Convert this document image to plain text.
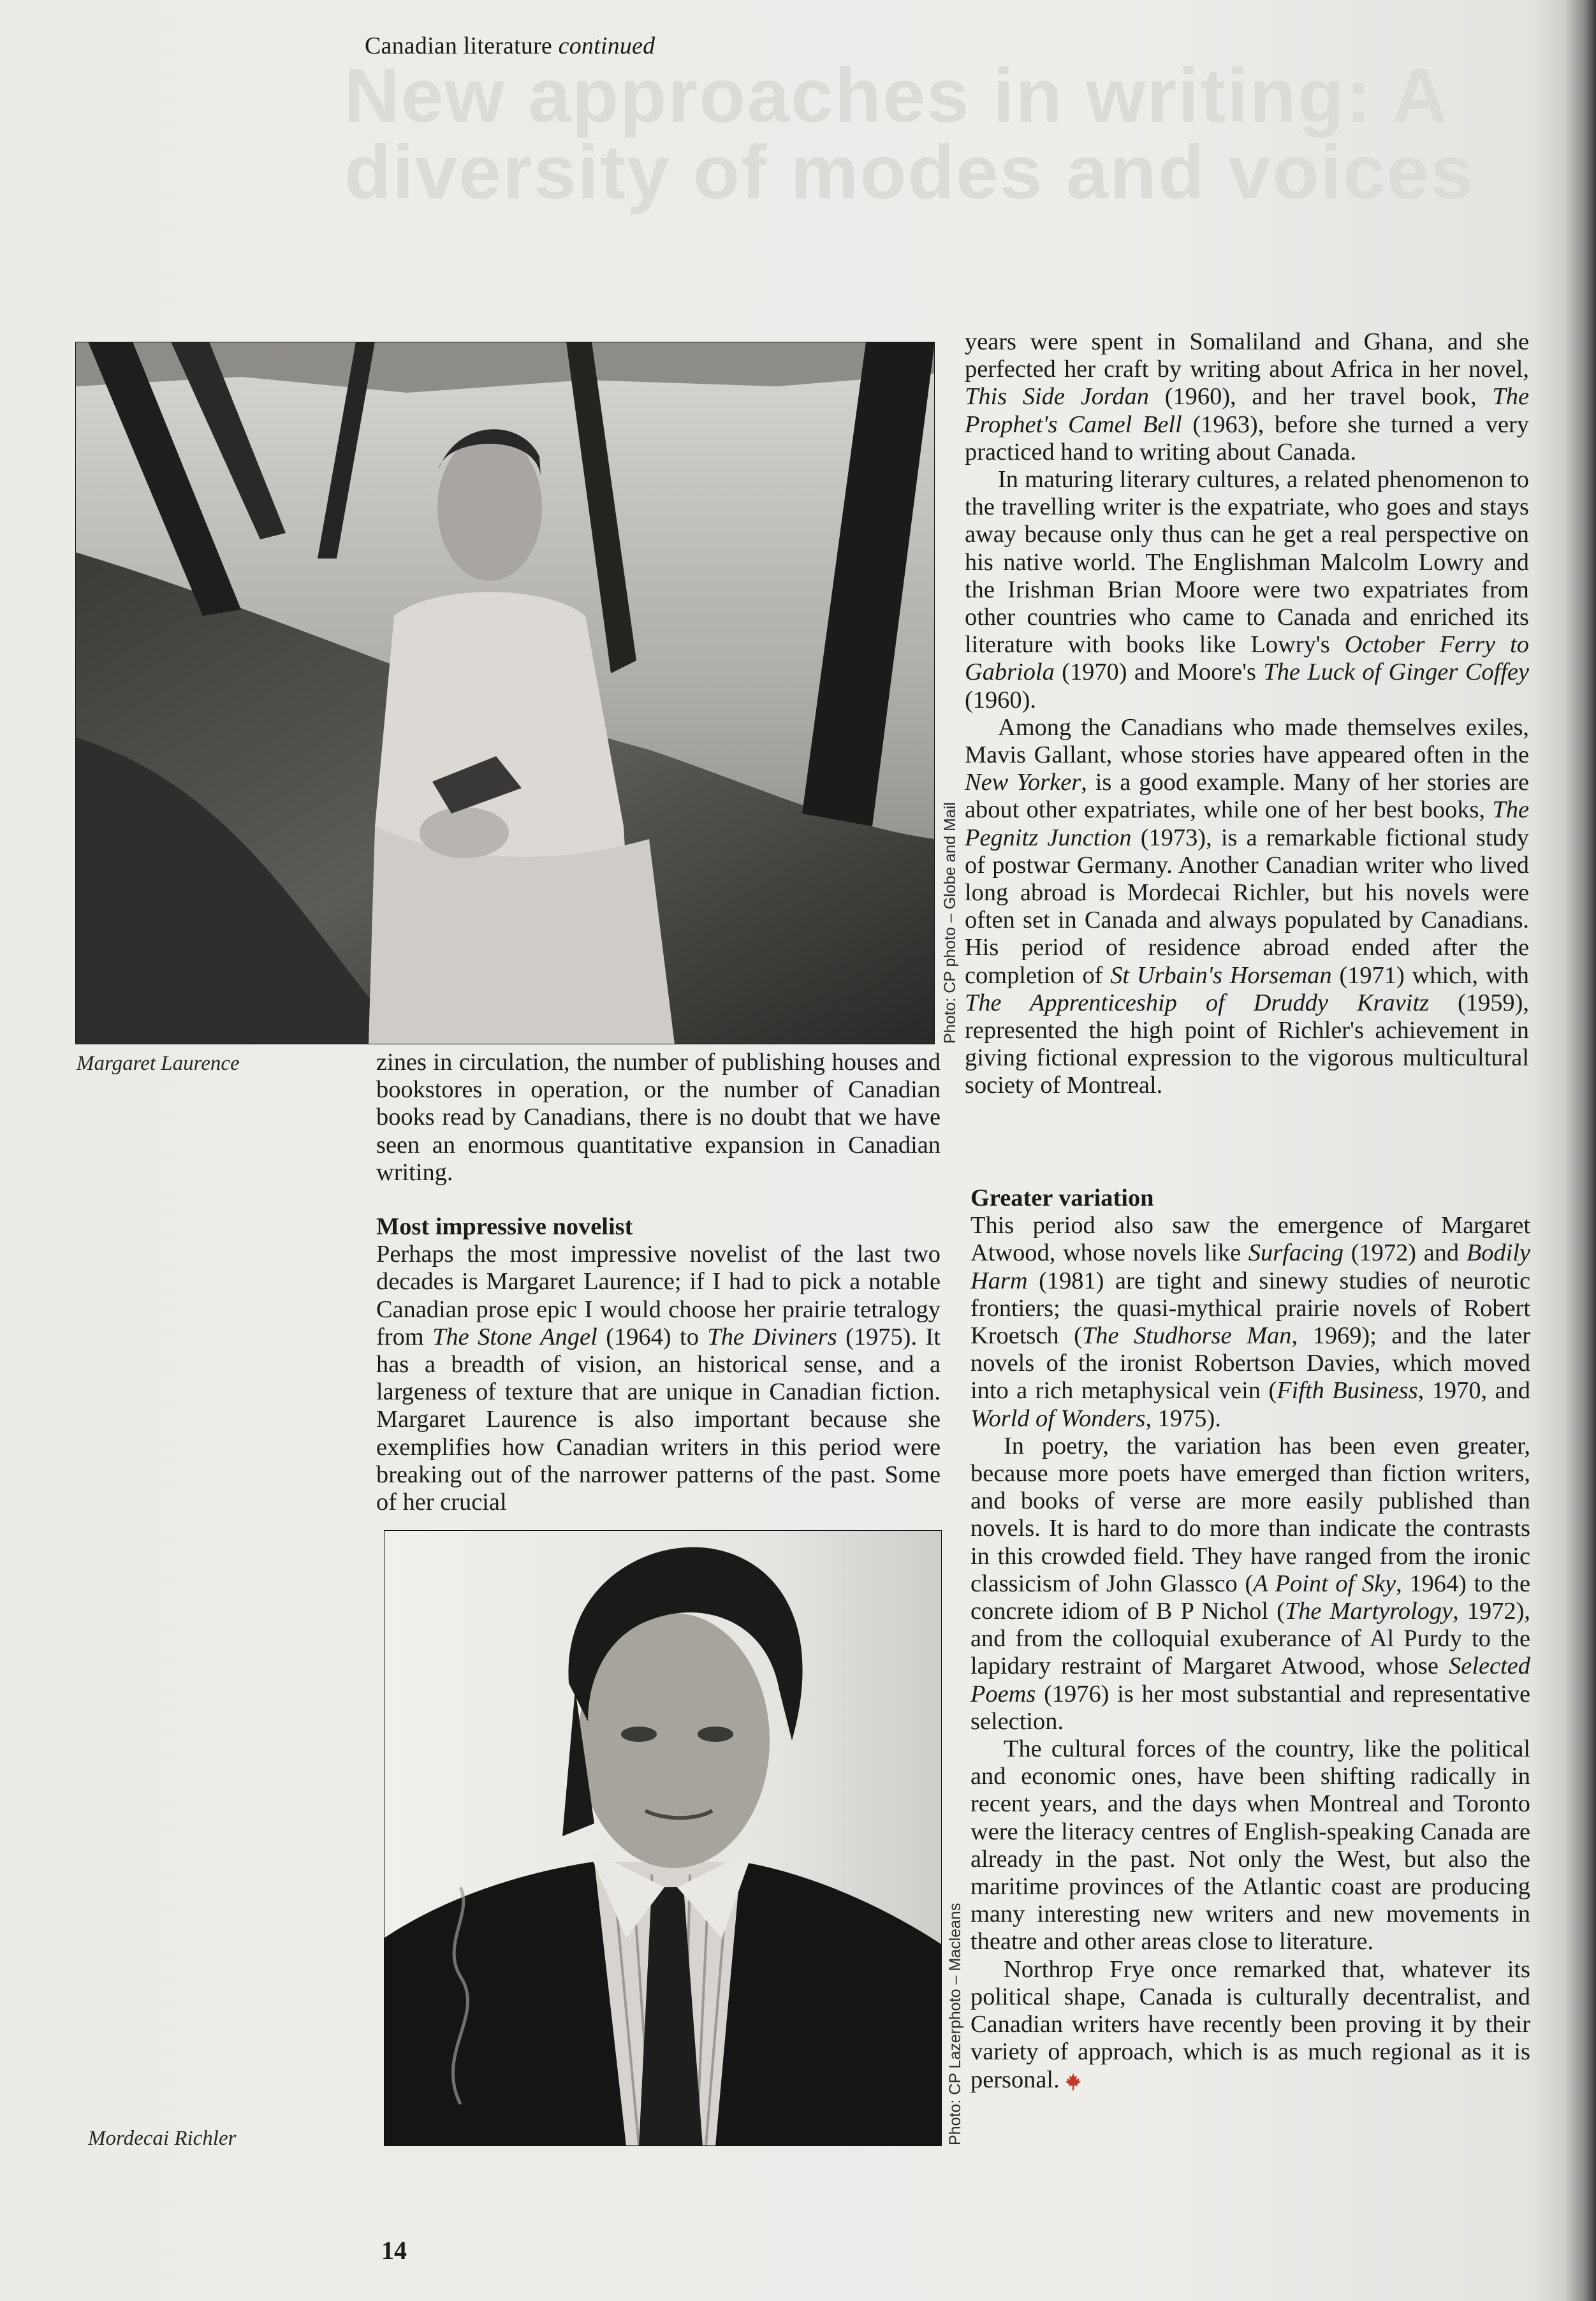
New approaches in writing: A diversity of modes and voices
Canadian literature continued
Photo: CP photo – Globe and Mail
Margaret Laurence	zines in circulation, the number of publishing houses and bookstores in operation, or the number of Canadian books read by Canadians, there is no doubt that we have seen an enormous quantitative expansion in Canadian writing.

Most impressive novelist

Perhaps the most impressive novelist of the last two decades is Margaret Laurence; if I had to pick a notable Canadian prose epic I would choose her prairie tetralogy from The Stone Angel (1964) to The Diviners (1975). It has a breadth of vision, an historical sense, and a largeness of texture that are unique in Canadian fiction. Margaret Laurence is also important because she exemplifies how Canadian writers in this period were breaking out of the narrower patterns of the past. Some of her crucial

years were spent in Somaliland and Ghana, and she perfected her craft by writing about Africa in her novel, This Side Jordan (1960), and her travel book, The Prophet's Camel Bell (1963), before she turned a very practiced hand to writing about Canada.

In maturing literary cultures, a related phenomenon to the travelling writer is the expatriate, who goes and stays away because only thus can he get a real perspective on his native world. The Englishman Malcolm Lowry and the Irishman Brian Moore were two expatriates from other countries who came to Canada and enriched its literature with books like Lowry's October Ferry to Gabriola (1970) and Moore's The Luck of Ginger Coffey (1960).

Among the Canadians who made themselves exiles, Mavis Gallant, whose stories have appeared often in the New Yorker, is a good example. Many of her stories are about other expatriates, while one of her best books, The Pegnitz Junction (1973), is a remarkable fictional study of postwar Germany. Another Canadian writer who lived long abroad is Mordecai Richler, but his novels were often set in Canada and always populated by Canadians. His period of residence abroad ended after the completion of St Urbain's Horseman (1971) which, with The Apprenticeship of Druddy Kravitz (1959), represented the high point of Richler's achievement in giving fictional expression to the vigorous multicultural society of Montreal.

Greater variation

This period also saw the emergence of Margaret Atwood, whose novels like Surfacing (1972) and Bodily Harm (1981) are tight and sinewy studies of neurotic frontiers; the quasi-mythical prairie novels of Robert Kroetsch (The Studhorse Man, 1969); and the later novels of the ironist Robertson Davies, which moved into a rich metaphysical vein (Fifth Business, 1970, and World of Wonders, 1975).

In poetry, the variation has been even greater, because more poets have emerged than fiction writers, and books of verse are more easily published than novels. It is hard to do more than indicate the contrasts in this crowded field. They have ranged from the ironic classicism of John Glassco (A Point of Sky, 1964) to the concrete idiom of B P Nichol (The Martyrology, 1972), and from the colloquial exuberance of Al Purdy to the lapidary restraint of Margaret Atwood, whose Selected Poems (1976) is her most substantial and representative selection.

The cultural forces of the country, like the political and economic ones, have been shifting radically in recent years, and the days when Montreal and Toronto were the literacy centres of English-speaking Canada are already in the past. Not only the West, but also the maritime provinces of the Atlantic coast are producing many interesting new writers and new movements in theatre and other areas close to literature.

Northrop Frye once remarked that, whatever its political shape, Canada is culturally decentralist, and Canadian writers have recently been proving it by their variety of approach, which is as much regional as it is personal.

Photo: CP Lazerphoto – Macleans
Mordecai Richler
14
